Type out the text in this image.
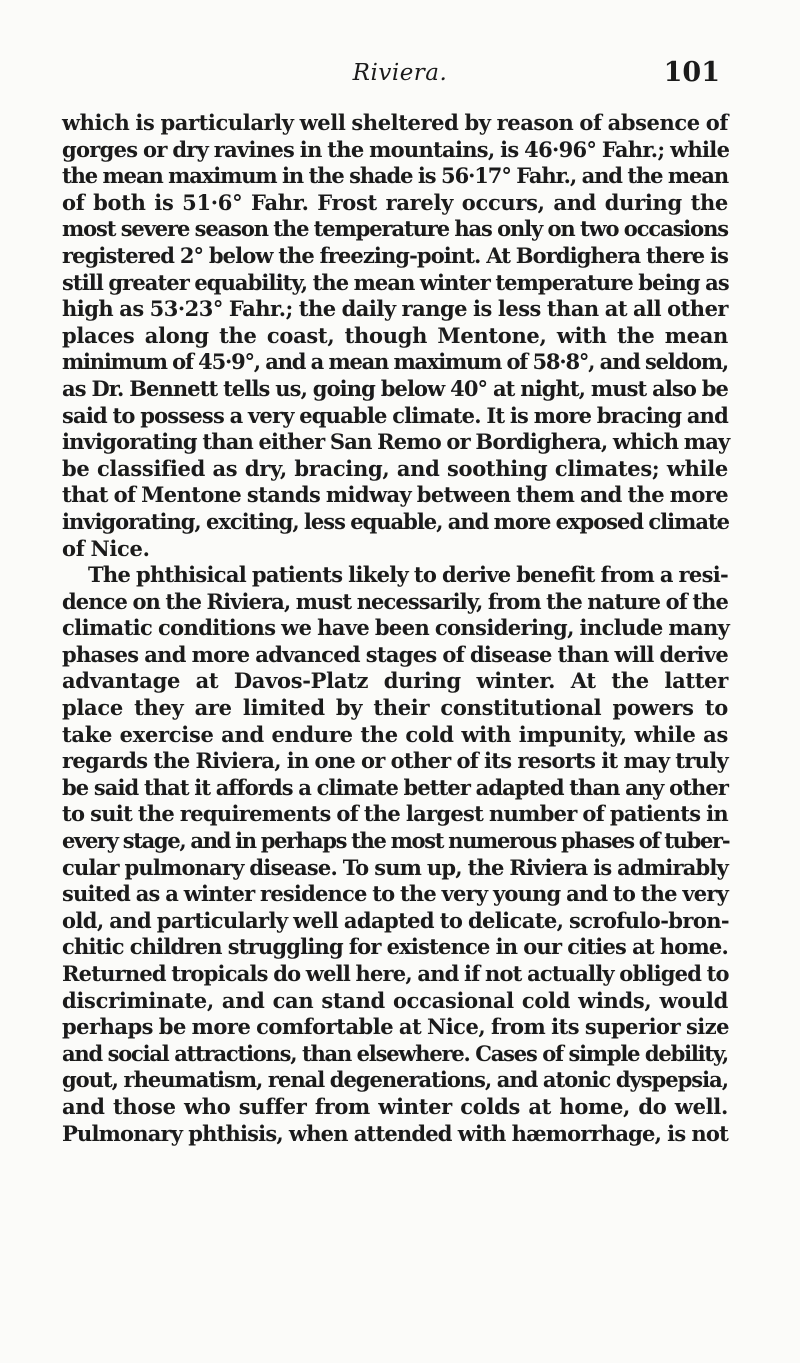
Riviera.	101
which is particularly well sheltered by reason of absence of
gorges or dry ravines in the mountains, is 46·96° Fahr.; while
the mean maximum in the shade is 56·17° Fahr., and the mean
of both is 51·6° Fahr. Frost rarely occurs, and during the
most severe season the temperature has only on two occasions
registered 2° below the freezing-point. At Bordighera there is
still greater equability, the mean winter temperature being as
high as 53·23° Fahr.; the daily range is less than at all other
places along the coast, though Mentone, with the mean
minimum of 45·9°, and a mean maximum of 58·8°, and seldom,
as Dr. Bennett tells us, going below 40° at night, must also be
said to possess a very equable climate. It is more bracing and
invigorating than either San Remo or Bordighera, which may
be classified as dry, bracing, and soothing climates; while
that of Mentone stands midway between them and the more
invigorating, exciting, less equable, and more exposed climate
of Nice.
The phthisical patients likely to derive benefit from a resi-
dence on the Riviera, must necessarily, from the nature of the
climatic conditions we have been considering, include many
phases and more advanced stages of disease than will derive
advantage at Davos-Platz during winter. At the latter
place they are limited by their constitutional powers to
take exercise and endure the cold with impunity, while as
regards the Riviera, in one or other of its resorts it may truly
be said that it affords a climate better adapted than any other
to suit the requirements of the largest number of patients in
every stage, and in perhaps the most numerous phases of tuber-
cular pulmonary disease. To sum up, the Riviera is admirably
suited as a winter residence to the very young and to the very
old, and particularly well adapted to delicate, scrofulo-bron-
chitic children struggling for existence in our cities at home.
Returned tropicals do well here, and if not actually obliged to
discriminate, and can stand occasional cold winds, would
perhaps be more comfortable at Nice, from its superior size
and social attractions, than elsewhere. Cases of simple debility,
gout, rheumatism, renal degenerations, and atonic dyspepsia,
and those who suffer from winter colds at home, do well.
Pulmonary phthisis, when attended with hæmorrhage, is not
